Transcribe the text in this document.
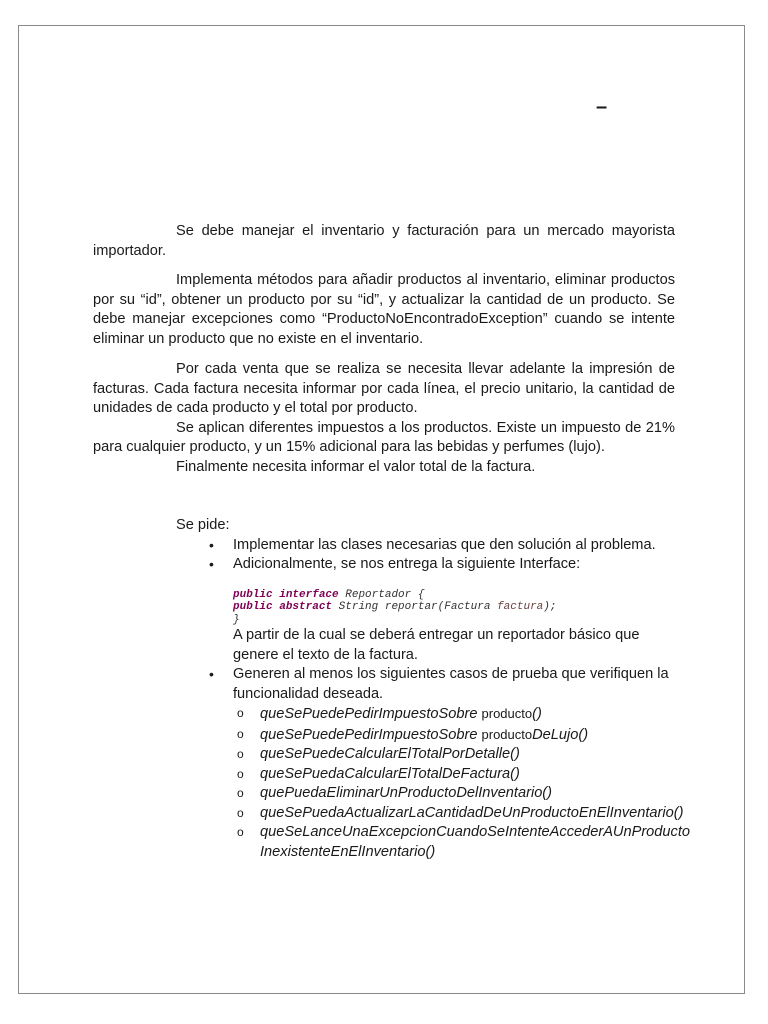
–

Se debe manejar el inventario y facturación para un mercado mayorista importador.

Implementa métodos para añadir productos al inventario, eliminar productos por su “id”, obtener un producto por su “id”, y actualizar la cantidad de un producto. Se debe manejar excepciones como “ProductoNoEncontradoException” cuando se intente eliminar un producto que no existe en el inventario.

Por cada venta que se realiza se necesita llevar adelante la impresión de facturas. Cada factura necesita informar por cada línea, el precio unitario, la cantidad de unidades de cada producto y el total por producto.

Se aplican diferentes impuestos a los productos. Existe un impuesto de 21% para cualquier producto, y un 15% adicional para las bebidas y perfumes (lujo).

Finalmente necesita informar el valor total de la factura.

Se pide:

• Implementar las clases necesarias que den solución al problema.
• Adicionalmente, se nos entrega la siguiente Interface:
public interface Reportador {
public abstract String reportar(Factura factura);
}
A partir de la cual se deberá entregar un reportador básico que genere el texto de la factura.
• Generen al menos los siguientes casos de prueba que verifiquen la funcionalidad deseada.
o queSePuedePedirImpuestoSobre producto()
o queSePuedePedirImpuestoSobre productoDeLujo()
o queSePuedeCalcularElTotalPorDetalle()
o queSePuedaCalcularElTotalDeFactura()
o quePuedaEliminarUnProductoDelInventario()
o queSePuedaActualizarLaCantidadDeUnProductoEnElInventario()
o queSeLanceUnaExcepcionCuandoSeIntenteAccederAUnProducto
InexistenteEnElInventario()
